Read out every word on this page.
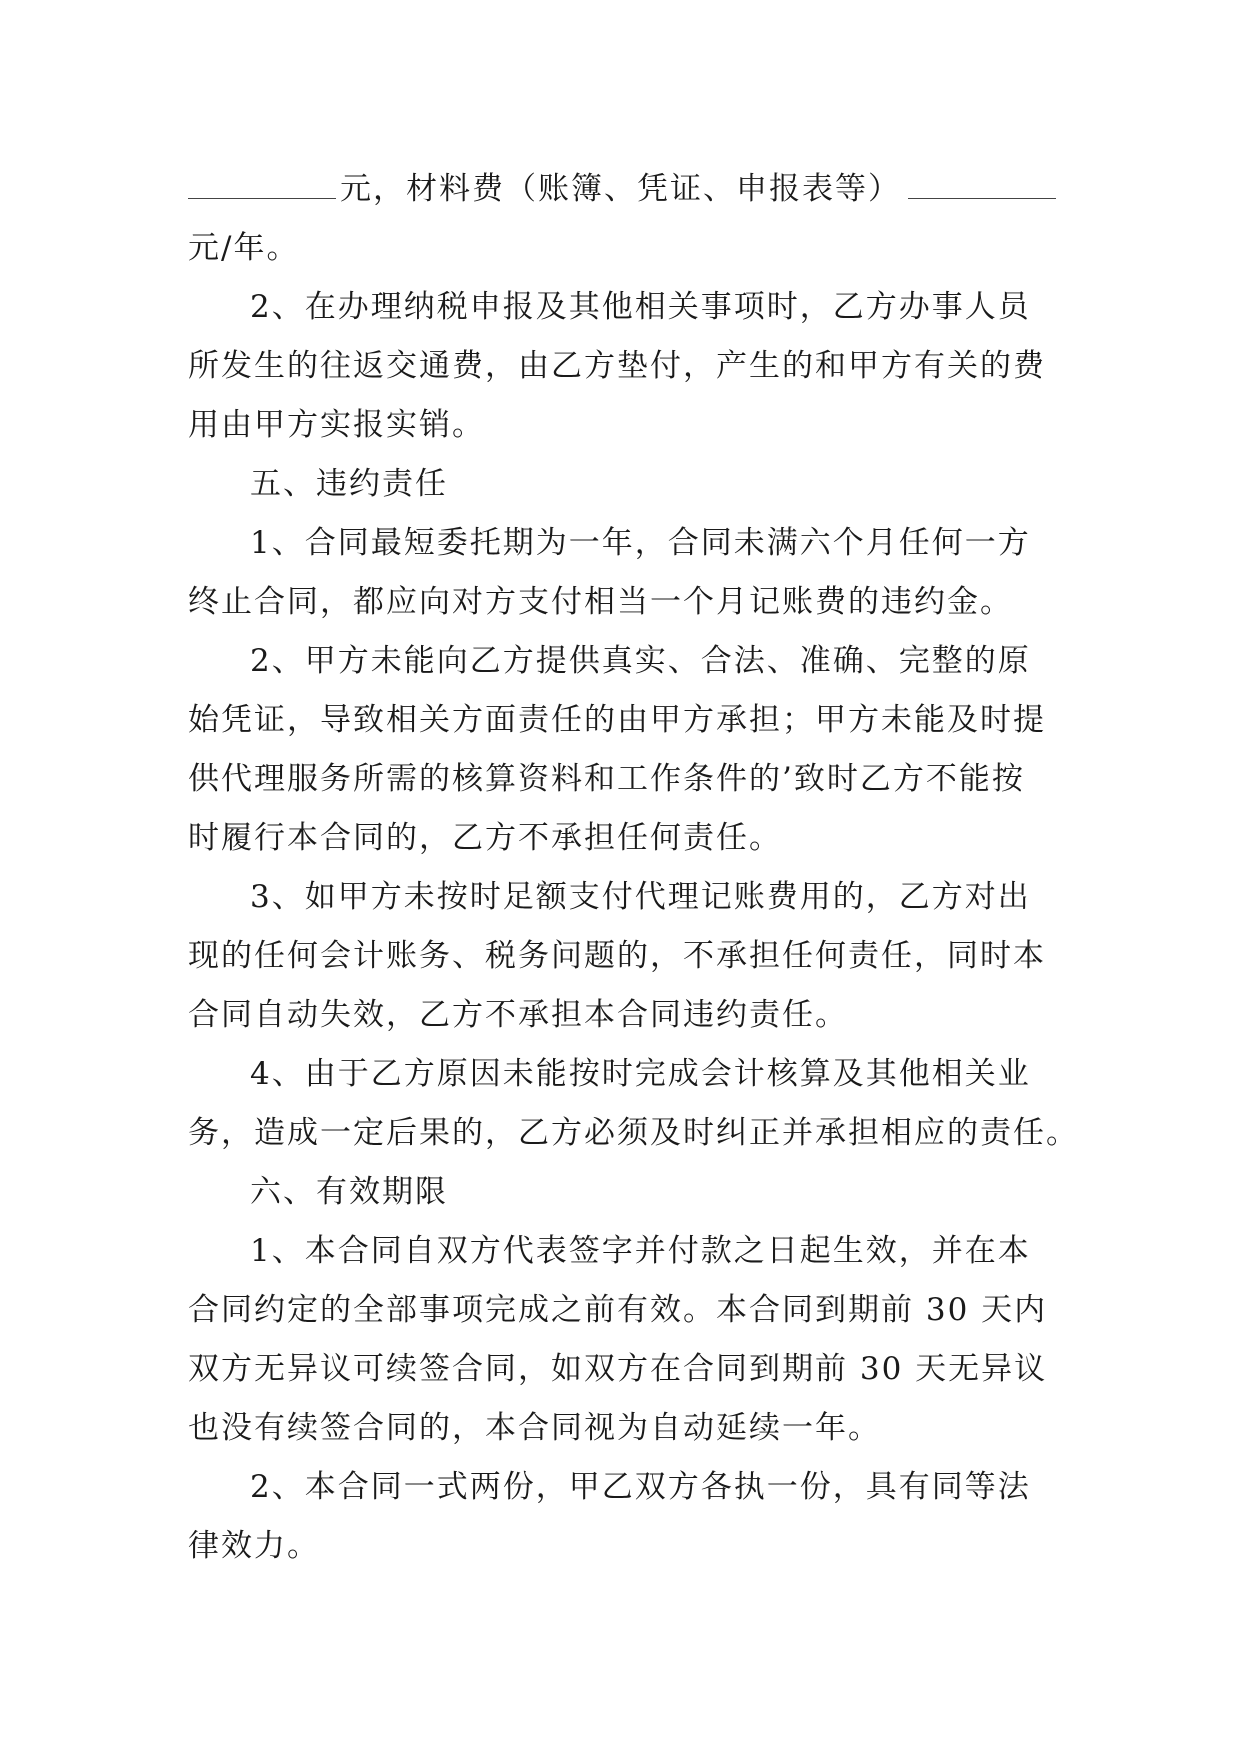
元，材料费（账簿、凭证、申报表等）
元/年。
2、在办理纳税申报及其他相关事项时，乙方办事人员
所发生的往返交通费，由乙方垫付，产生的和甲方有关的费
用由甲方实报实销。
五、违约责任
1、合同最短委托期为一年，合同未满六个月任何一方
终止合同，都应向对方支付相当一个月记账费的违约金。
2、甲方未能向乙方提供真实、合法、准确、完整的原
始凭证，导致相关方面责任的由甲方承担；甲方未能及时提
供代理服务所需的核算资料和工作条件的’致时乙方不能按
时履行本合同的，乙方不承担任何责任。
3、如甲方未按时足额支付代理记账费用的，乙方对出
现的任何会计账务、税务问题的，不承担任何责任，同时本
合同自动失效，乙方不承担本合同违约责任。
4、由于乙方原因未能按时完成会计核算及其他相关业
务，造成一定后果的，乙方必须及时纠正并承担相应的责任。
六、有效期限
1、本合同自双方代表签字并付款之日起生效，并在本
合同约定的全部事项完成之前有效。本合同到期前 30 天内
双方无异议可续签合同，如双方在合同到期前 30 天无异议
也没有续签合同的，本合同视为自动延续一年。
2、本合同一式两份，甲乙双方各执一份，具有同等法
律效力。
